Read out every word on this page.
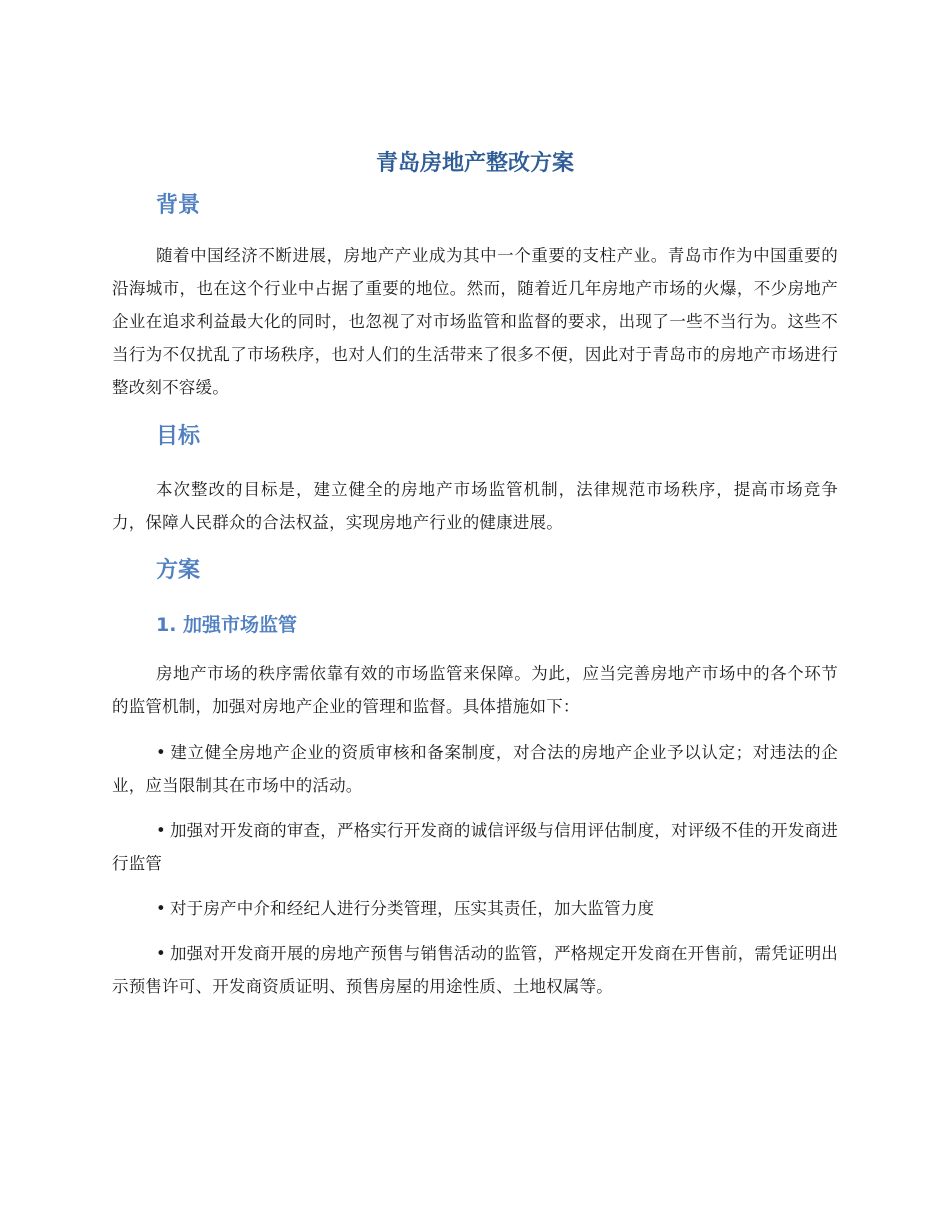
青岛房地产整改方案
背景

随着中国经济不断进展，房地产产业成为其中一个重要的支柱产业。青岛市作为中国重要的沿海城市，也在这个行业中占据了重要的地位。然而，随着近几年房地产市场的火爆，不少房地产企业在追求利益最大化的同时，也忽视了对市场监管和监督的要求，出现了一些不当行为。这些不当行为不仅扰乱了市场秩序，也对人们的生活带来了很多不便，因此对于青岛市的房地产市场进行整改刻不容缓。

目标

本次整改的目标是，建立健全的房地产市场监管机制，法律规范市场秩序，提高市场竞争力，保障人民群众的合法权益，实现房地产行业的健康进展。

方案
1. 加强市场监管

房地产市场的秩序需依靠有效的市场监管来保障。为此，应当完善房地产市场中的各个环节的监管机制，加强对房地产企业的管理和监督。具体措施如下：

• 建立健全房地产企业的资质审核和备案制度，对合法的房地产企业予以认定；对违法的企业，应当限制其在市场中的活动。

• 加强对开发商的审查，严格实行开发商的诚信评级与信用评估制度，对评级不佳的开发商进行监管

• 对于房产中介和经纪人进行分类管理，压实其责任，加大监管力度

• 加强对开发商开展的房地产预售与销售活动的监管，严格规定开发商在开售前，需凭证明出示预售许可、开发商资质证明、预售房屋的用途性质、土地权属等。
